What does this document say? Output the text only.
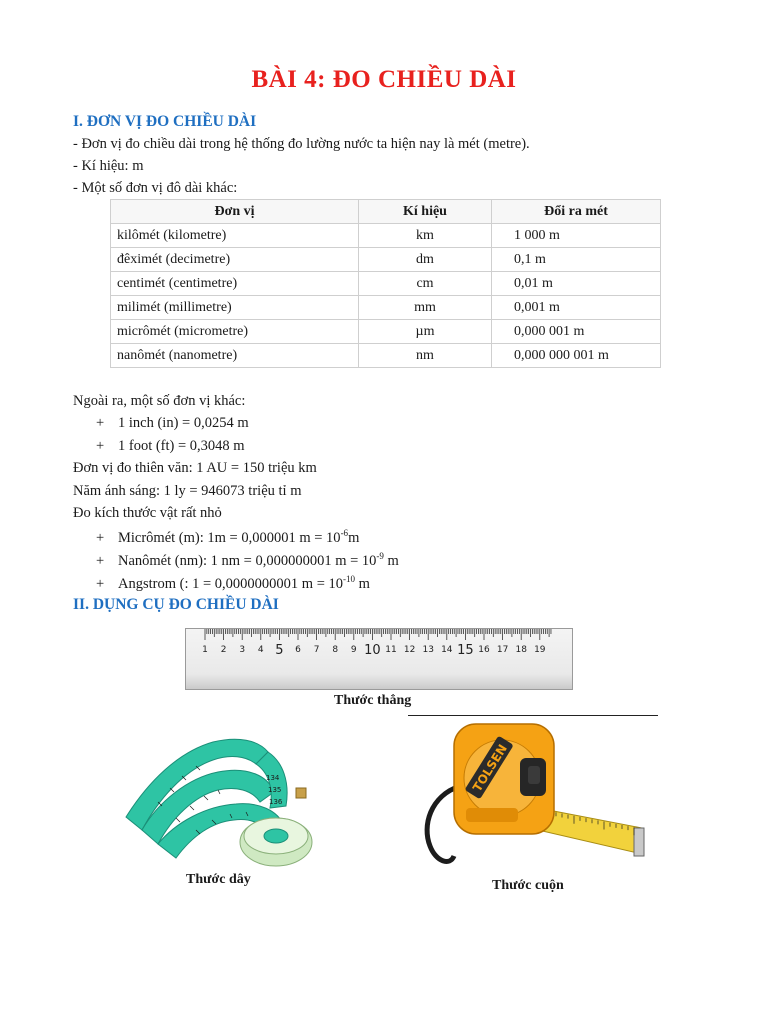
BÀI 4: ĐO CHIỀU DÀI
I. ĐƠN VỊ ĐO CHIỀU DÀI
- Đơn vị đo chiều dài trong hệ thống đo lường nước ta hiện nay là mét (metre).
- Kí hiệu: m
- Một số đơn vị đô dài khác:
Đơn vị	Kí hiệu	Đổi ra mét
kilômét (kilometre)	km	1 000 m
đêximét (decimetre)	dm	0,1 m
centimét (centimetre)	cm	0,01 m
milimét (millimetre)	mm	0,001 m
micrômét (micrometre)	µm	0,000 001 m
nanômét (nanometre)	nm	0,000 000 001 m
Ngoài ra, một số đơn vị khác:
+ 1 inch (in) = 0,0254 m
+ 1 foot (ft) = 0,3048 m
Đơn vị đo thiên văn: 1 AU = 150 triệu km
Năm ánh sáng: 1 ly = 946073 triệu tỉ m
Đo kích thước vật rất nhỏ
+ Micrômét (m): 1m = 0,000001 $m = 10^{-6}m$
+ Nanômét (nm): 1 nm = 0,000000001 $m = 10^{-9}$ m
+ Angstrom (: 1 = 0,0000000001 $m = 10^{-10}$ m
II. DỤNG CỤ ĐO CHIỀU DÀI
1 2 3 4 5 6 7 8 9 10 11 12 13 14 15 16 17 18 19
Thước thẳng
134
135
136
Thước dây
TOLSEN
Thước cuộn
